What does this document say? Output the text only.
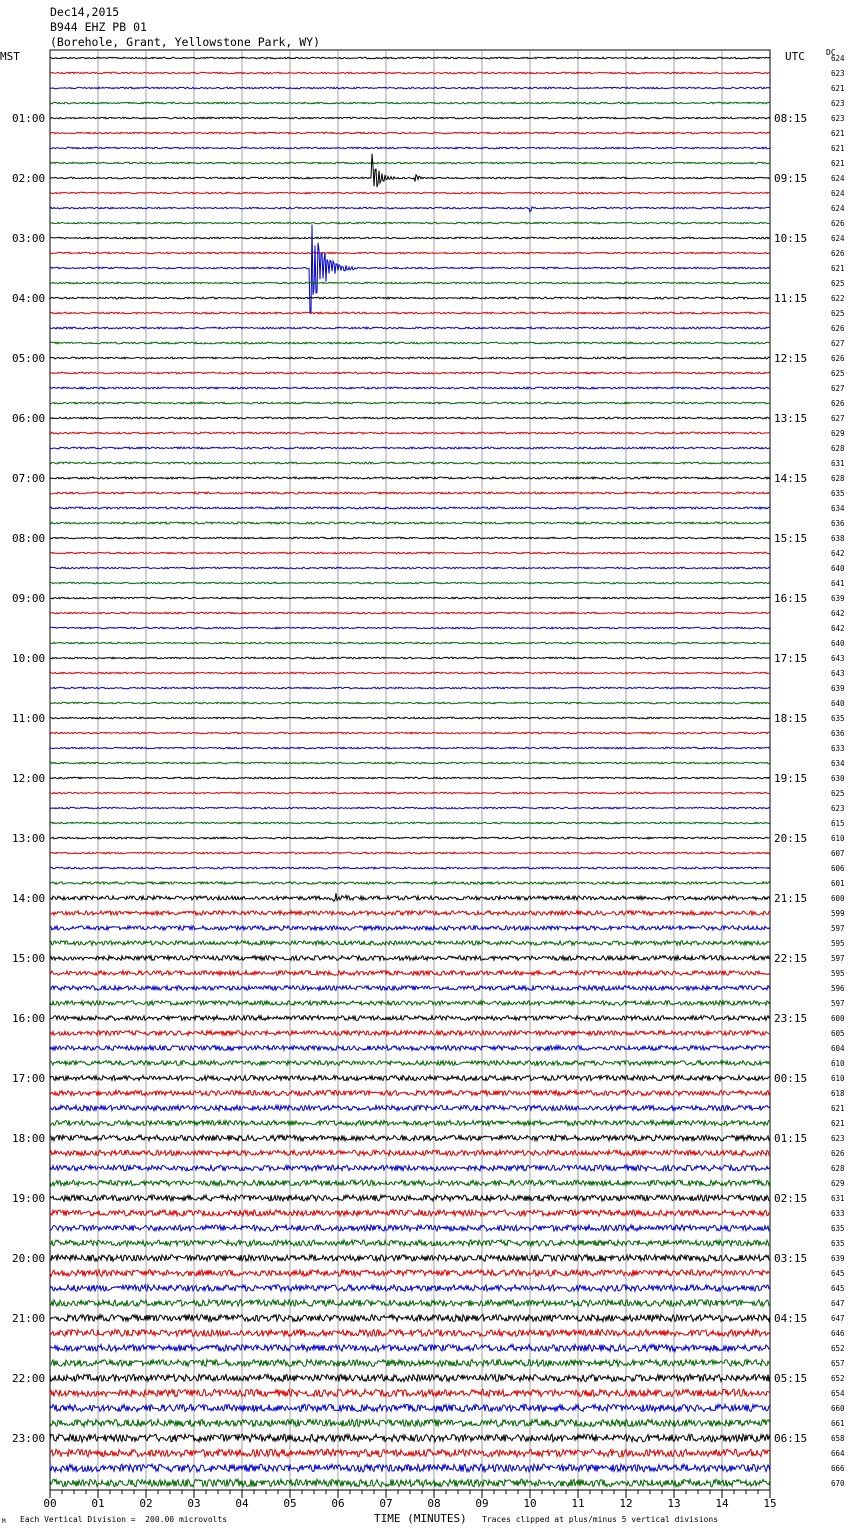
Dec14,2015
B944 EHZ PB 01
(Borehole, Grant, Yellowstone Park, WY)
MST	UTC	DC
624
623
621
623
623
621
621
621
624
624
624
626
624
626
621
625
622
625
626
627
626
625
627
626
627
629
628
631
628
635
634
636
638
642
640
641
639
642
642
640
643
643
639
640
635
636
633
634
630
625
623
615
610
607
606
601
600
599
597
595
597
595
596
597
600
605
604
610
610
618
621
621
623
626
628
629
631
633
635
635
639
645
645
647
647
646
652
657
652
654
660
661
658
664
666
670
01:00	08:15
02:00	09:15
03:00	10:15
04:00	11:15
05:00	12:15
06:00	13:15
07:00	14:15
08:00	15:15
09:00	16:15
10:00	17:15
11:00	18:15
12:00	19:15
13:00	20:15
14:00	21:15
15:00	22:15
16:00	23:15
17:00	00:15
18:00	01:15
19:00	02:15
20:00	03:15
21:00	04:15
22:00	05:15
23:00	06:15
00	01	02	03	04	05	06	07	08	09	10	11	12	13	14	15
TIME (MINUTES)
Each Vertical Division =  200.00 microvolts	Traces clipped at plus/minus 5 vertical divisions
M
